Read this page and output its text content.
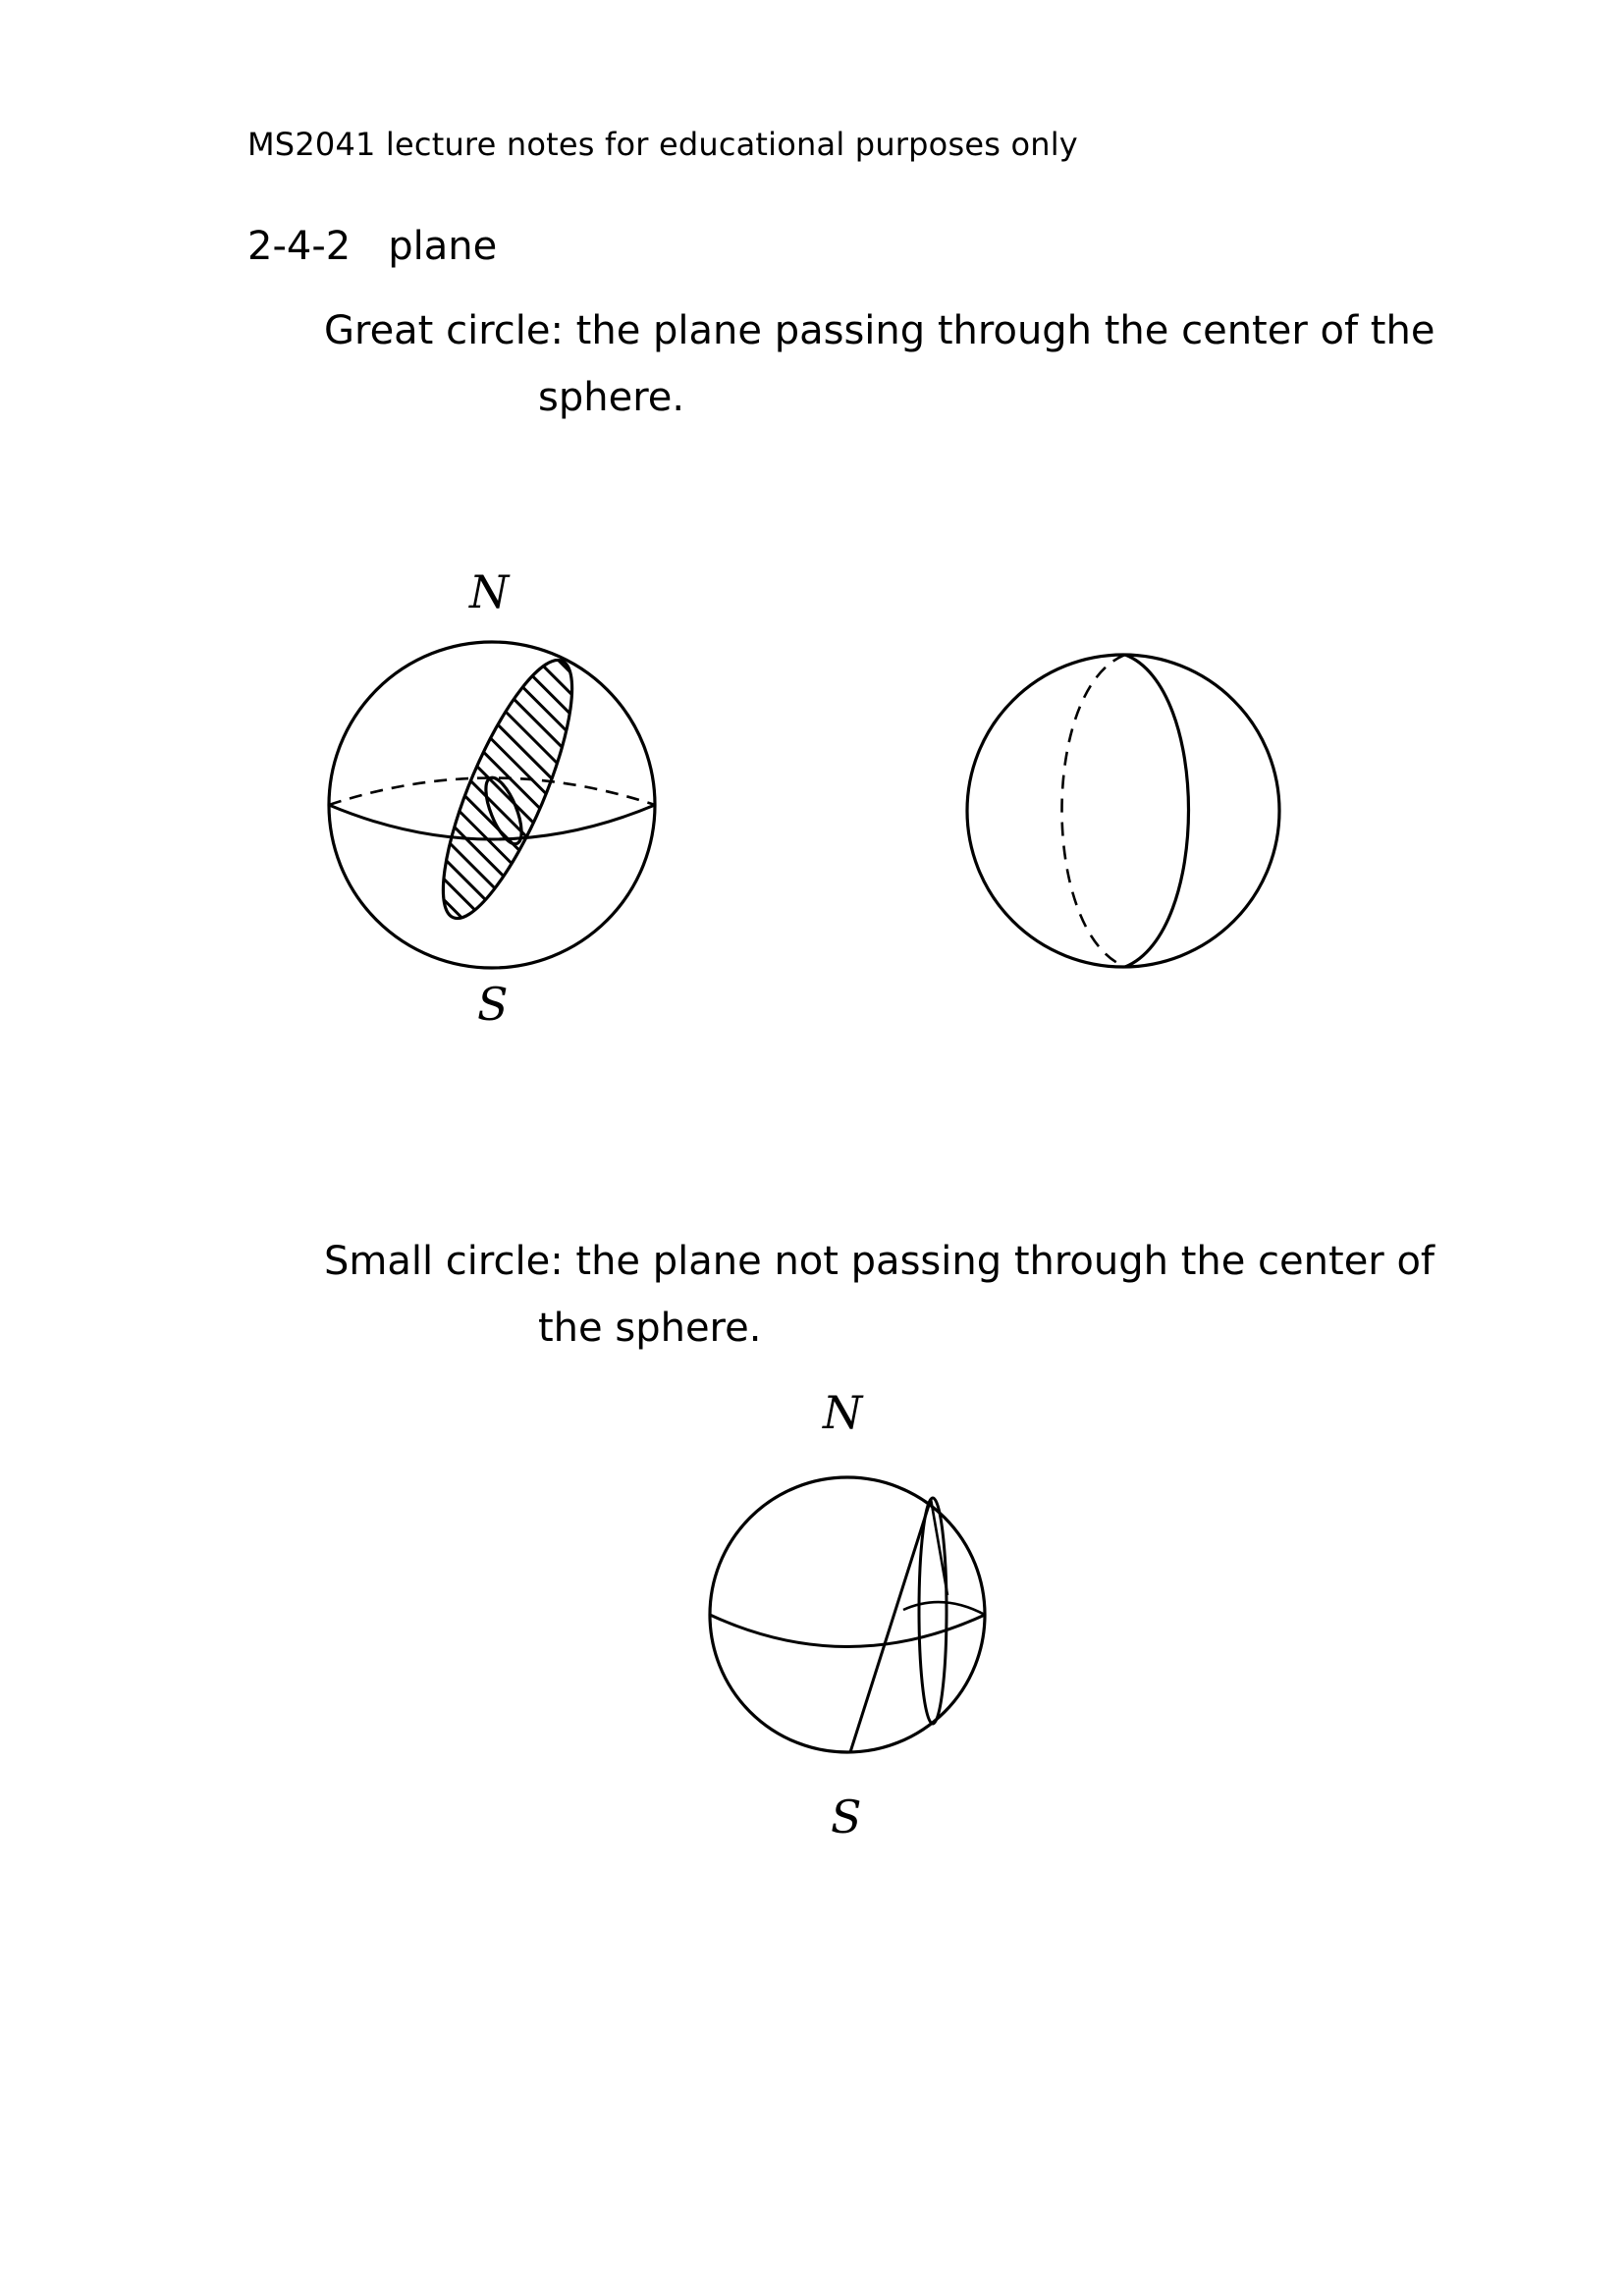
MS2041 lecture notes for educational purposes only
2-4-2 plane
Great circle: the plane passing through the center of the
sphere.
N
S
Small circle: the plane not passing through the center of
the sphere.
N
S
